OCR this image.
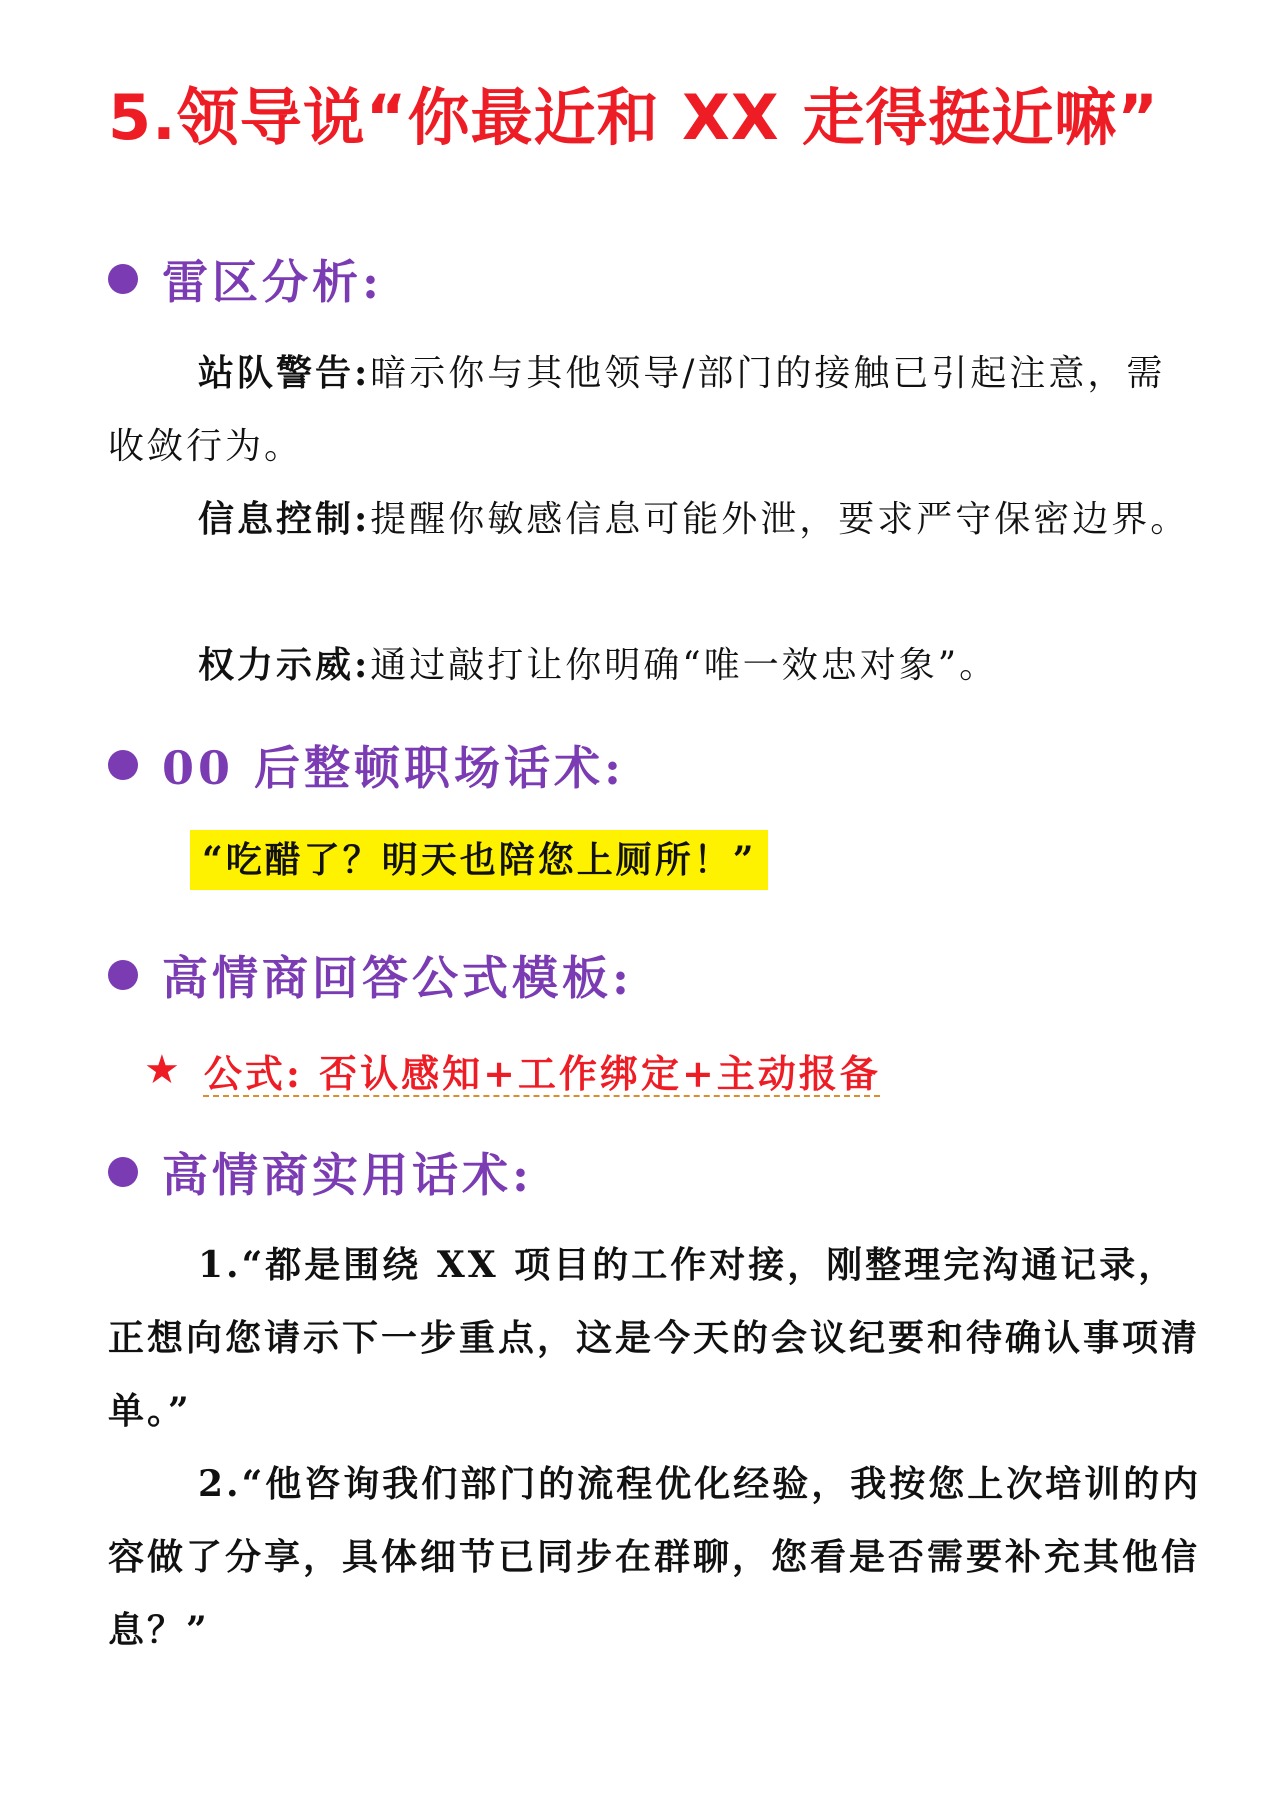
5.领导说“你最近和 XX 走得挺近嘛”
雷区分析:
站队警告:暗示你与其他领导/部门的接触已引起注意，需收敛行为。
信息控制:提醒你敏感信息可能外泄，要求严守保密边界。
权力示威:通过敲打让你明确“唯一效忠对象”。
00 后整顿职场话术:
“吃醋了？明天也陪您上厕所！”
高情商回答公式模板:
★ 公式: 否认感知+工作绑定+主动报备
高情商实用话术:
1.“都是围绕 XX 项目的工作对接，刚整理完沟通记录，正想向您请示下一步重点，这是今天的会议纪要和待确认事项清单。”
2.“他咨询我们部门的流程优化经验，我按您上次培训的内容做了分享，具体细节已同步在群聊，您看是否需要补充其他信息？”
